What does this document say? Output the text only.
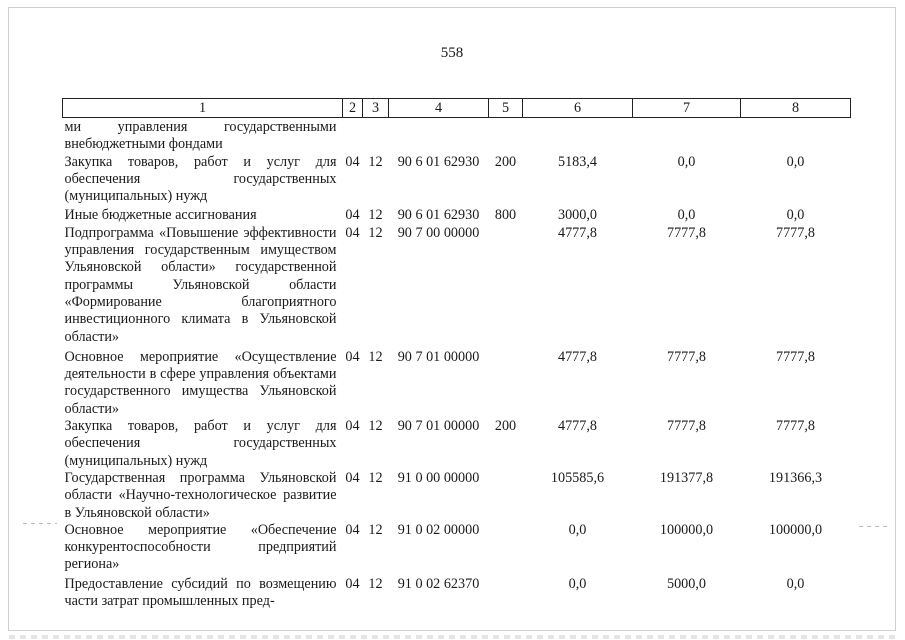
558
1	2	3	4	5	6	7	8
ми управления государственными внебюджетными фондами							
Закупка товаров, работ и услуг для обеспечения государственных (муниципальных) нужд	04	12	90 6 01 62930	200	5183,4	0,0	0,0
Иные бюджетные ассигнования	04	12	90 6 01 62930	800	3000,0	0,0	0,0
Подпрограмма «Повышение эффективности управления государственным имуществом Ульяновской области» государственной программы Ульяновской области «Формирование благоприятного инвестиционного климата в Ульяновской области»	04	12	90 7 00 00000		4777,8	7777,8	7777,8
Основное мероприятие «Осуществление деятельности в сфере управления объектами государственного имущества Ульяновской области»	04	12	90 7 01 00000		4777,8	7777,8	7777,8
Закупка товаров, работ и услуг для обеспечения государственных (муниципальных) нужд	04	12	90 7 01 00000	200	4777,8	7777,8	7777,8
Государственная программа Ульяновской области «Научно-технологическое развитие в Ульяновской области»	04	12	91 0 00 00000		105585,6	191377,8	191366,3
Основное мероприятие «Обеспечение конкурентоспособности предприятий региона»	04	12	91 0 02 00000		0,0	100000,0	100000,0
Предоставление субсидий по возмещению части затрат промышленных пред-	04	12	91 0 02 62370		0,0	5000,0	0,0
